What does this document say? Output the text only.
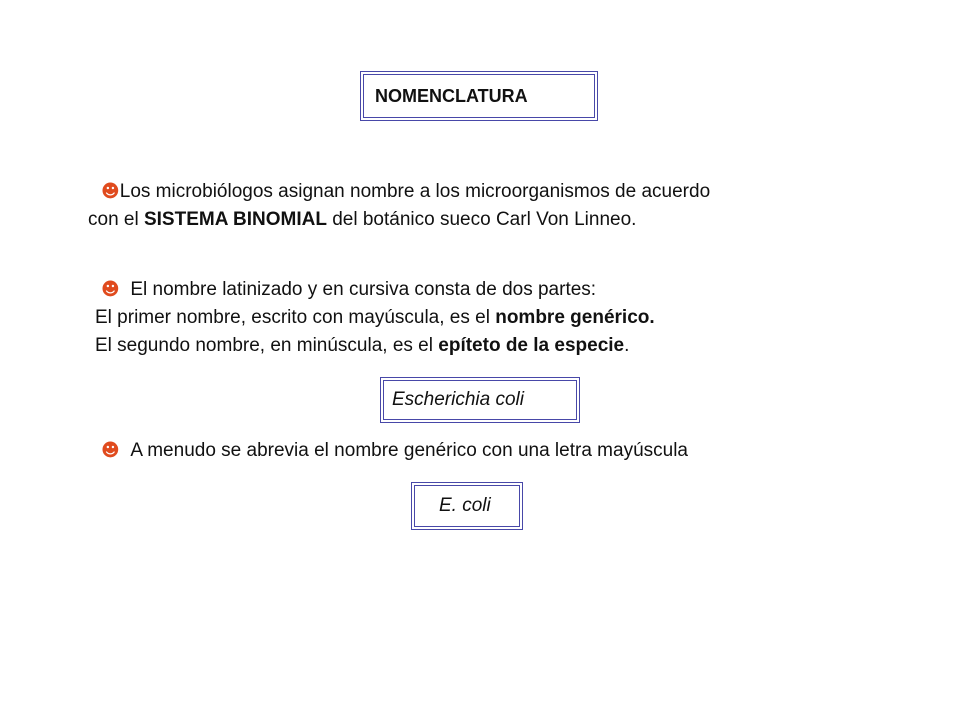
NOMENCLATURA
☻Los microbiólogos asignan nombre a los microorganismos de acuerdo
con el SISTEMA BINOMIAL del botánico sueco Carl Von Linneo.
☻ El nombre latinizado y en cursiva consta de dos partes:
El primer nombre, escrito con mayúscula, es el nombre genérico.
El segundo nombre, en minúscula, es el epíteto de la especie.
Escherichia coli
☻ A menudo se abrevia el nombre genérico con una letra mayúscula
E. coli
